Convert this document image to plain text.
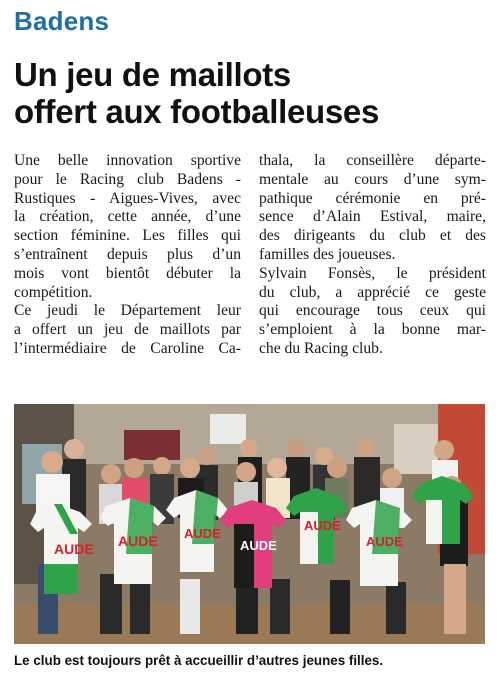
Badens
Un jeu de maillots
offert aux footballeuses
Une belle innovation sportive
pour le Racing club Badens -
Rustiques - Aigues-Vives, avec
la création, cette année, d’une
section féminine. Les filles qui
s’entraînent depuis plus d’un
mois vont bientôt débuter la
compétition.
Ce jeudi le Département leur
a offert un jeu de maillots par
l’intermédiaire de Caroline Ca-
thala, la conseillère départe-
mentale au cours d’une sym-
pathique cérémonie en pré-
sence d’Alain Estival, maire,
des dirigeants du club et des
familles des joueuses.
Sylvain Fonsès, le président
du club, a apprécié ce geste
qui encourage tous ceux qui
s’emploient à la bonne mar-
che du Racing club.
AUDE AUDE AUDE
AUDE
AUDE
AUDE
Le club est toujours prêt à accueillir d’autres jeunes filles.
